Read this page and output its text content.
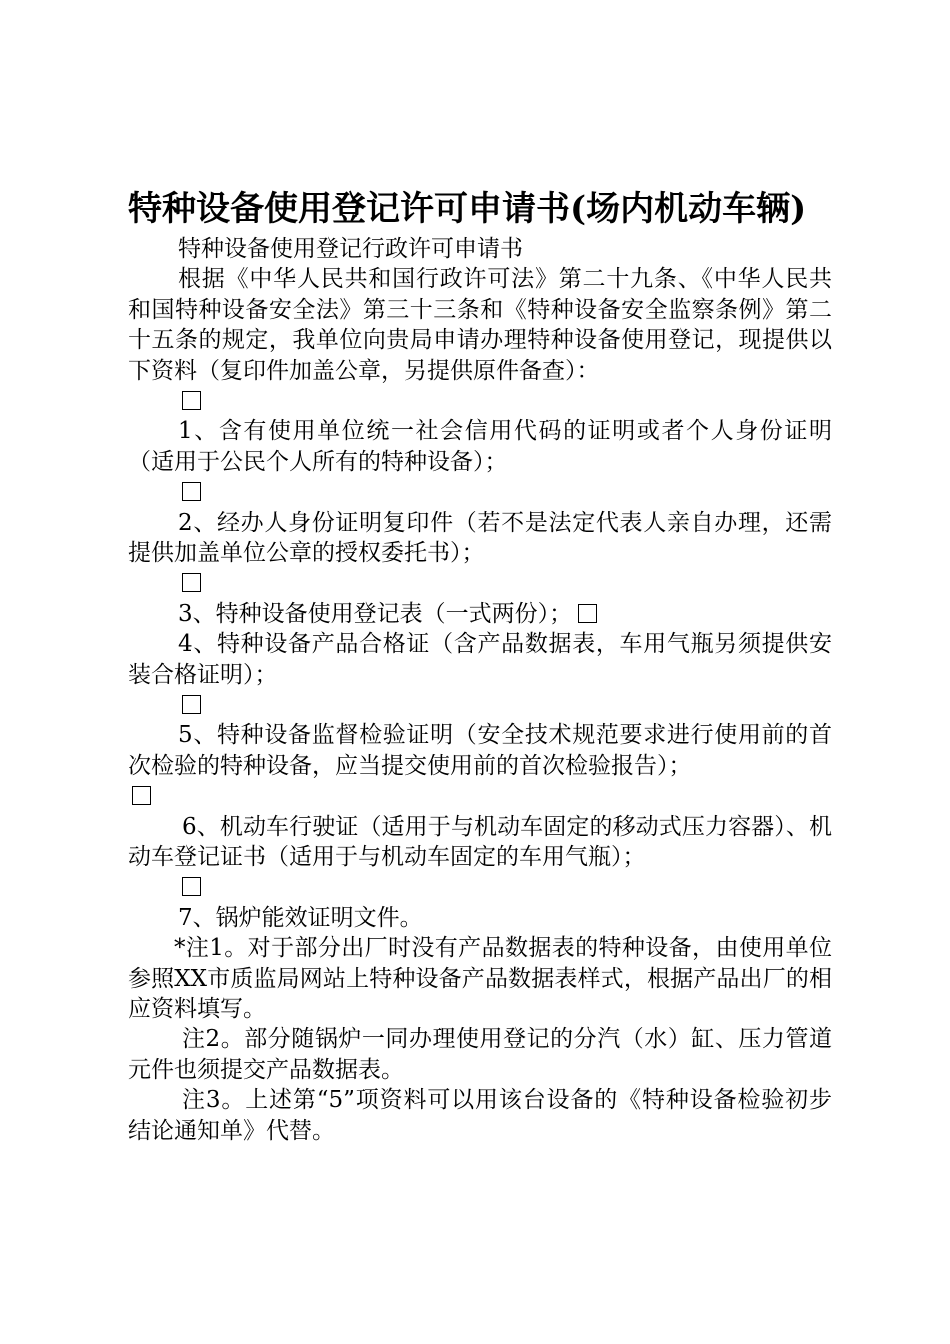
特种设备使用登记许可申请书(场内机动车辆)

特种设备使用登记行政许可申请书

根据《中华人民共和国行政许可法》第二十九条、《中华人民共和国特种设备安全法》第三十三条和《特种设备安全监察条例》第二十五条的规定，我单位向贵局申请办理特种设备使用登记，现提供以下资料（复印件加盖公章，另提供原件备查）：

1、含有使用单位统一社会信用代码的证明或者个人身份证明（适用于公民个人所有的特种设备）；

2、经办人身份证明复印件（若不是法定代表人亲自办理，还需提供加盖单位公章的授权委托书）；

3、特种设备使用登记表（一式两份）；

4、特种设备产品合格证（含产品数据表，车用气瓶另须提供安装合格证明）；

5、特种设备监督检验证明（安全技术规范要求进行使用前的首次检验的特种设备，应当提交使用前的首次检验报告）；

6、机动车行驶证（适用于与机动车固定的移动式压力容器）、机动车登记证书（适用于与机动车固定的车用气瓶）；

7、锅炉能效证明文件。

*注1。对于部分出厂时没有产品数据表的特种设备，由使用单位参照XX市质监局网站上特种设备产品数据表样式，根据产品出厂的相应资料填写。

注2。部分随锅炉一同办理使用登记的分汽（水）缸、压力管道元件也须提交产品数据表。

注3。上述第“5”项资料可以用该台设备的《特种设备检验初步结论通知单》代替。
